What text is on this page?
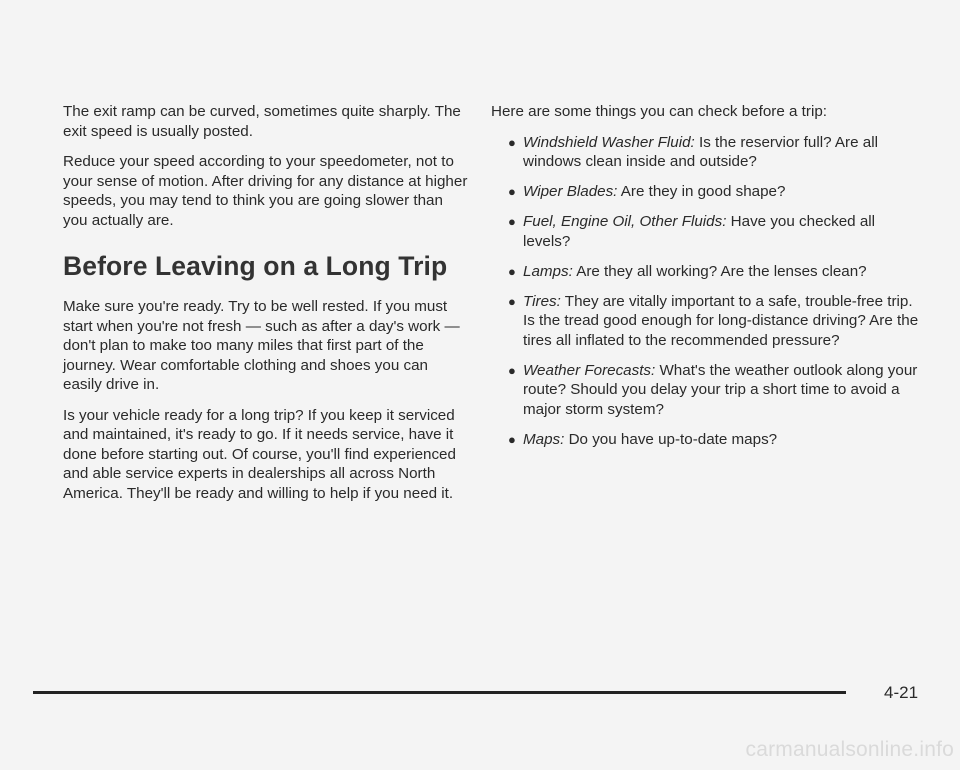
The exit ramp can be curved, sometimes quite sharply. The exit speed is usually posted.

Reduce your speed according to your speedometer, not to your sense of motion. After driving for any distance at higher speeds, you may tend to think you are going slower than you actually are.

Before Leaving on a Long Trip

Make sure you're ready. Try to be well rested. If you must start when you're not fresh — such as after a day's work — don't plan to make too many miles that first part of the journey. Wear comfortable clothing and shoes you can easily drive in.

Is your vehicle ready for a long trip? If you keep it serviced and maintained, it's ready to go. If it needs service, have it done before starting out. Of course, you'll find experienced and able service experts in dealerships all across North America. They'll be ready and willing to help if you need it.

Here are some things you can check before a trip:

● Windshield Washer Fluid: Is the reservior full? Are all windows clean inside and outside?
● Wiper Blades: Are they in good shape?
● Fuel, Engine Oil, Other Fluids: Have you checked all levels?
● Lamps: Are they all working? Are the lenses clean?
● Tires: They are vitally important to a safe, trouble-free trip. Is the tread good enough for long-distance driving? Are the tires all inflated to the recommended pressure?
● Weather Forecasts: What's the weather outlook along your route? Should you delay your trip a short time to avoid a major storm system?
● Maps: Do you have up-to-date maps?
4-21
carmanualsonline.info
